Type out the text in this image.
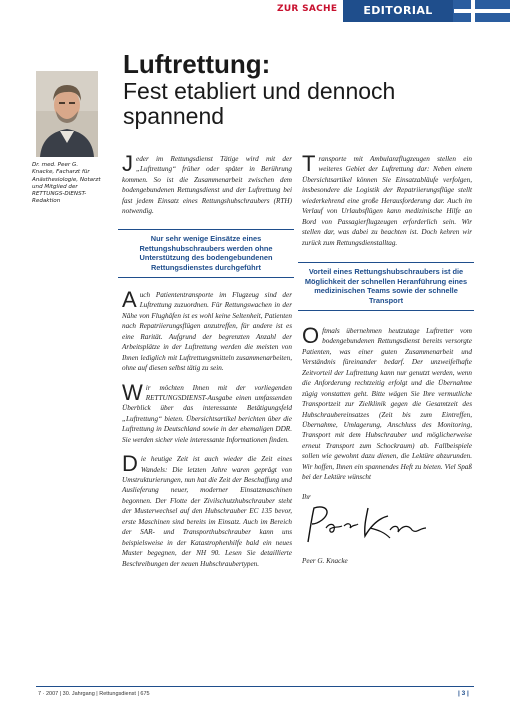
ZUR SACHE	EDITORIAL
Luftrettung:
Fest etabliert und dennoch
spannend
Dr. med. Peer G. Knacke, Facharzt für Anästhesiologie, Notarzt und Mitglied der RETTUNGS-DIENST-Redaktion

Jeder im Rettungsdienst Tätige wird mit der „Luftrettung“ früher oder später in Berührung kommen. So ist die Zusammenarbeit zwischen dem bodengebundenen Rettungsdienst und der Luftrettung bei fast jedem Einsatz eines Rettungshubschraubers (RTH) notwendig.

Nur sehr wenige Einsätze eines Rettungshubschraubers werden ohne Unterstützung des bodengebundenen Rettungsdienstes durchgeführt

Auch Patiententransporte im Flugzeug sind der Luftrettung zuzuordnen. Für Rettungswachen in der Nähe von Flughäfen ist es wohl keine Seltenheit, Patienten nach Repatriierungsflügen anzutreffen, für andere ist es eine Rarität. Aufgrund der begrenzten Anzahl der Arbeitsplätze in der Luftrettung werden die meisten von Ihnen lediglich mit Luftrettungsmitteln zusammenarbeiten, ohne auf diesen selbst tätig zu sein.

Wir möchten Ihnen mit der vorliegenden RETTUNGSDIENST-Ausgabe einen umfassenden Überblick über das interessante Betätigungsfeld „Luftrettung“ bieten. Übersichtsartikel berichten über die Luftrettung in Deutschland sowie in der ehemaligen DDR. Sie werden sicher viele interessante Informationen finden.

Die heutige Zeit ist auch wieder die Zeit eines Wandels: Die letzten Jahre waren geprägt von Umstrukturierungen, nun hat die Zeit der Beschaffung und Auslieferung neuer, moderner Einsatzmaschinen begonnen. Der Flotte der Zivilschutzhubschrauber steht der Musterwechsel auf den Hubschrauber EC 135 bevor, erste Maschinen sind bereits im Einsatz. Auch im Bereich der SAR- und Transporthubschrauber kann uns beispielsweise in der Katastrophenhilfe bald ein neues Muster begegnen, der NH 90. Lesen Sie detaillierte Beschreibungen der neuen Hubschraubertypen.

Transporte mit Ambulanzflugzeugen stellen ein weiteres Gebiet der Luftrettung dar: Neben einem Übersichtsartikel können Sie Einsatzabläufe verfolgen, insbesondere die Logistik der Repatriierungsflüge stellt wiederkehrend eine große Herausforderung dar. Auch im Verlauf von Urlaubsflügen kann medizinische Hilfe an Bord von Passagierflugzeugen erforderlich sein. Wir stellen dar, was dabei zu beachten ist. Doch kehren wir zurück zum Rettungsdienstalltag.

Vorteil eines Rettungshubschraubers ist die Möglichkeit der schnellen Heranführung eines medizinischen Teams sowie der schnelle Transport

Oftmals übernehmen heutzutage Luftretter vom bodengebundenen Rettungsdienst bereits versorgte Patienten, was einer guten Zusammenarbeit und Verständnis füreinander bedarf. Der unzweifelhafte Zeitvorteil der Luftrettung kann nur genutzt werden, wenn die Anforderung rechtzeitig erfolgt und die Übernahme zügig vonstatten geht. Bitte wägen Sie Ihre vermutliche Transportzeit zur Zielklinik gegen die Gesamtzeit des Hubschraubereinsatzes (Zeit bis zum Eintreffen, Übernahme, Umlagerung, Anschluss des Monitoring, Transport mit dem Hubschrauber und möglicherweise erneut Transport zum Schockraum) ab. Fallbeispiele sollen wie gewohnt dazu dienen, die Lektüre abzurunden. Wir hoffen, Ihnen ein spannendes Heft zu bieten. Viel Spaß bei der Lektüre wünscht

Ihr

Peer G. Knacke
7 · 2007 | 30. Jahrgang | Rettungsdienst | 675	| 3 |
